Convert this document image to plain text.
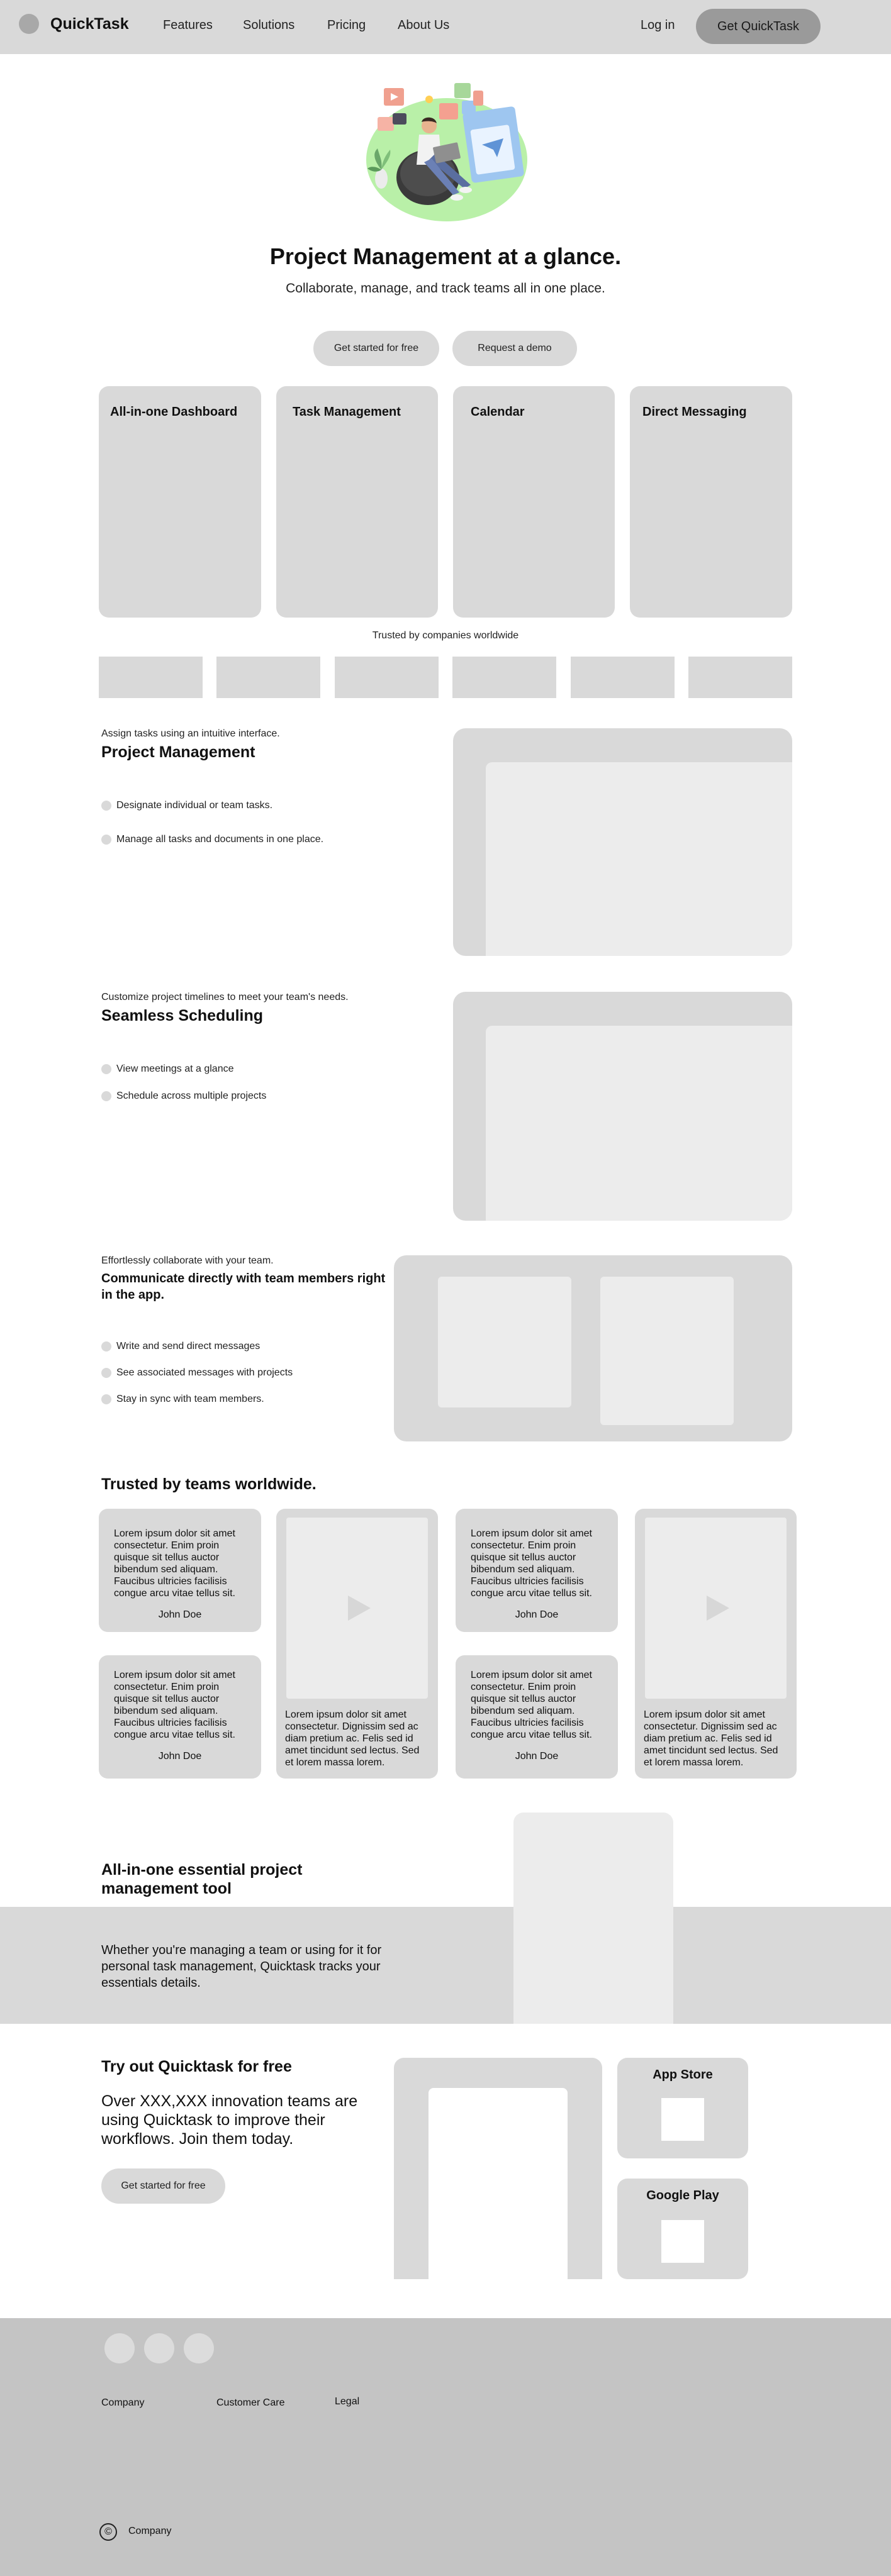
QuickTask	Features Solutions	Pricing	About Us	Log in	Get QuickTask
Project Management at a glance.
Collaborate, manage, and track teams all in one place.
Get started for free	Request a demo
All-in-one Dashboard	Task Management	Calendar	Direct Messaging
Trusted by companies worldwide
Assign tasks using an intuitive interface.
Project Management
Designate individual or team tasks.
Manage all tasks and documents in one place.
Customize project timelines to meet your team's needs.
Seamless Scheduling
View meetings at a glance
Schedule across multiple projects
Effortlessly collaborate with your team.
Communicate directly with team members right in the app.
Write and send direct messages
See associated messages with projects
Stay in sync with team members.
Trusted by teams worldwide.
Lorem ipsum dolor sit amet consectetur. Enim proin quisque sit tellus auctor bibendum sed aliquam. Faucibus ultricies facilisis congue arcu vitae tellus sit.
John Doe
Lorem ipsum dolor sit amet consectetur. Enim proin quisque sit tellus auctor bibendum sed aliquam. Faucibus ultricies facilisis congue arcu vitae tellus sit.
John Doe
Lorem ipsum dolor sit amet consectetur. Dignissim sed ac diam pretium ac. Felis sed id amet tincidunt sed lectus. Sed et lorem massa lorem.
Lorem ipsum dolor sit amet consectetur. Enim proin quisque sit tellus auctor bibendum sed aliquam. Faucibus ultricies facilisis congue arcu vitae tellus sit.
John Doe
Lorem ipsum dolor sit amet consectetur. Enim proin quisque sit tellus auctor bibendum sed aliquam. Faucibus ultricies facilisis congue arcu vitae tellus sit.
John Doe
Lorem ipsum dolor sit amet consectetur. Dignissim sed ac diam pretium ac. Felis sed id amet tincidunt sed lectus. Sed et lorem massa lorem.
All-in-one essential project management tool
Whether you're managing a team or using for it for personal task management, Quicktask tracks your essentials details.
Try out Quicktask for free
Over XXX,XXX innovation teams are using Quicktask to improve their workflows. Join them today.
Get started for free
App Store
Google Play
Company	Customer Care	Legal
©	Company
